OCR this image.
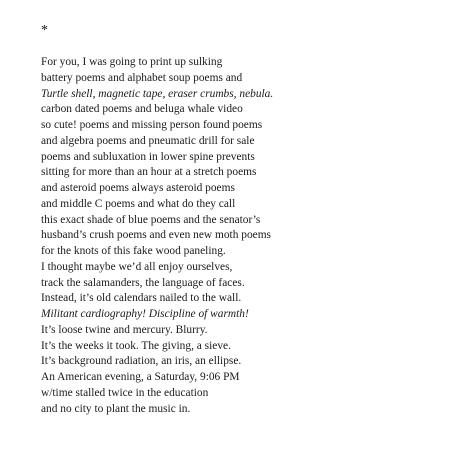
*
For you, I was going to print up sulking
battery poems and alphabet soup poems and
Turtle shell, magnetic tape, eraser crumbs, nebula.
carbon dated poems and beluga whale video
so cute! poems and missing person found poems
and algebra poems and pneumatic drill for sale
poems and subluxation in lower spine prevents
sitting for more than an hour at a stretch poems
and asteroid poems always asteroid poems
and middle C poems and what do they call
this exact shade of blue poems and the senator’s
husband’s crush poems and even new moth poems
for the knots of this fake wood paneling.
I thought maybe we’d all enjoy ourselves,
track the salamanders, the language of faces.
Instead, it’s old calendars nailed to the wall.
Militant cardiography! Discipline of warmth!
It’s loose twine and mercury. Blurry.
It’s the weeks it took. The giving, a sieve.
It’s background radiation, an iris, an ellipse.
An American evening, a Saturday, 9:06 PM
w/time stalled twice in the education
and no city to plant the music in.
